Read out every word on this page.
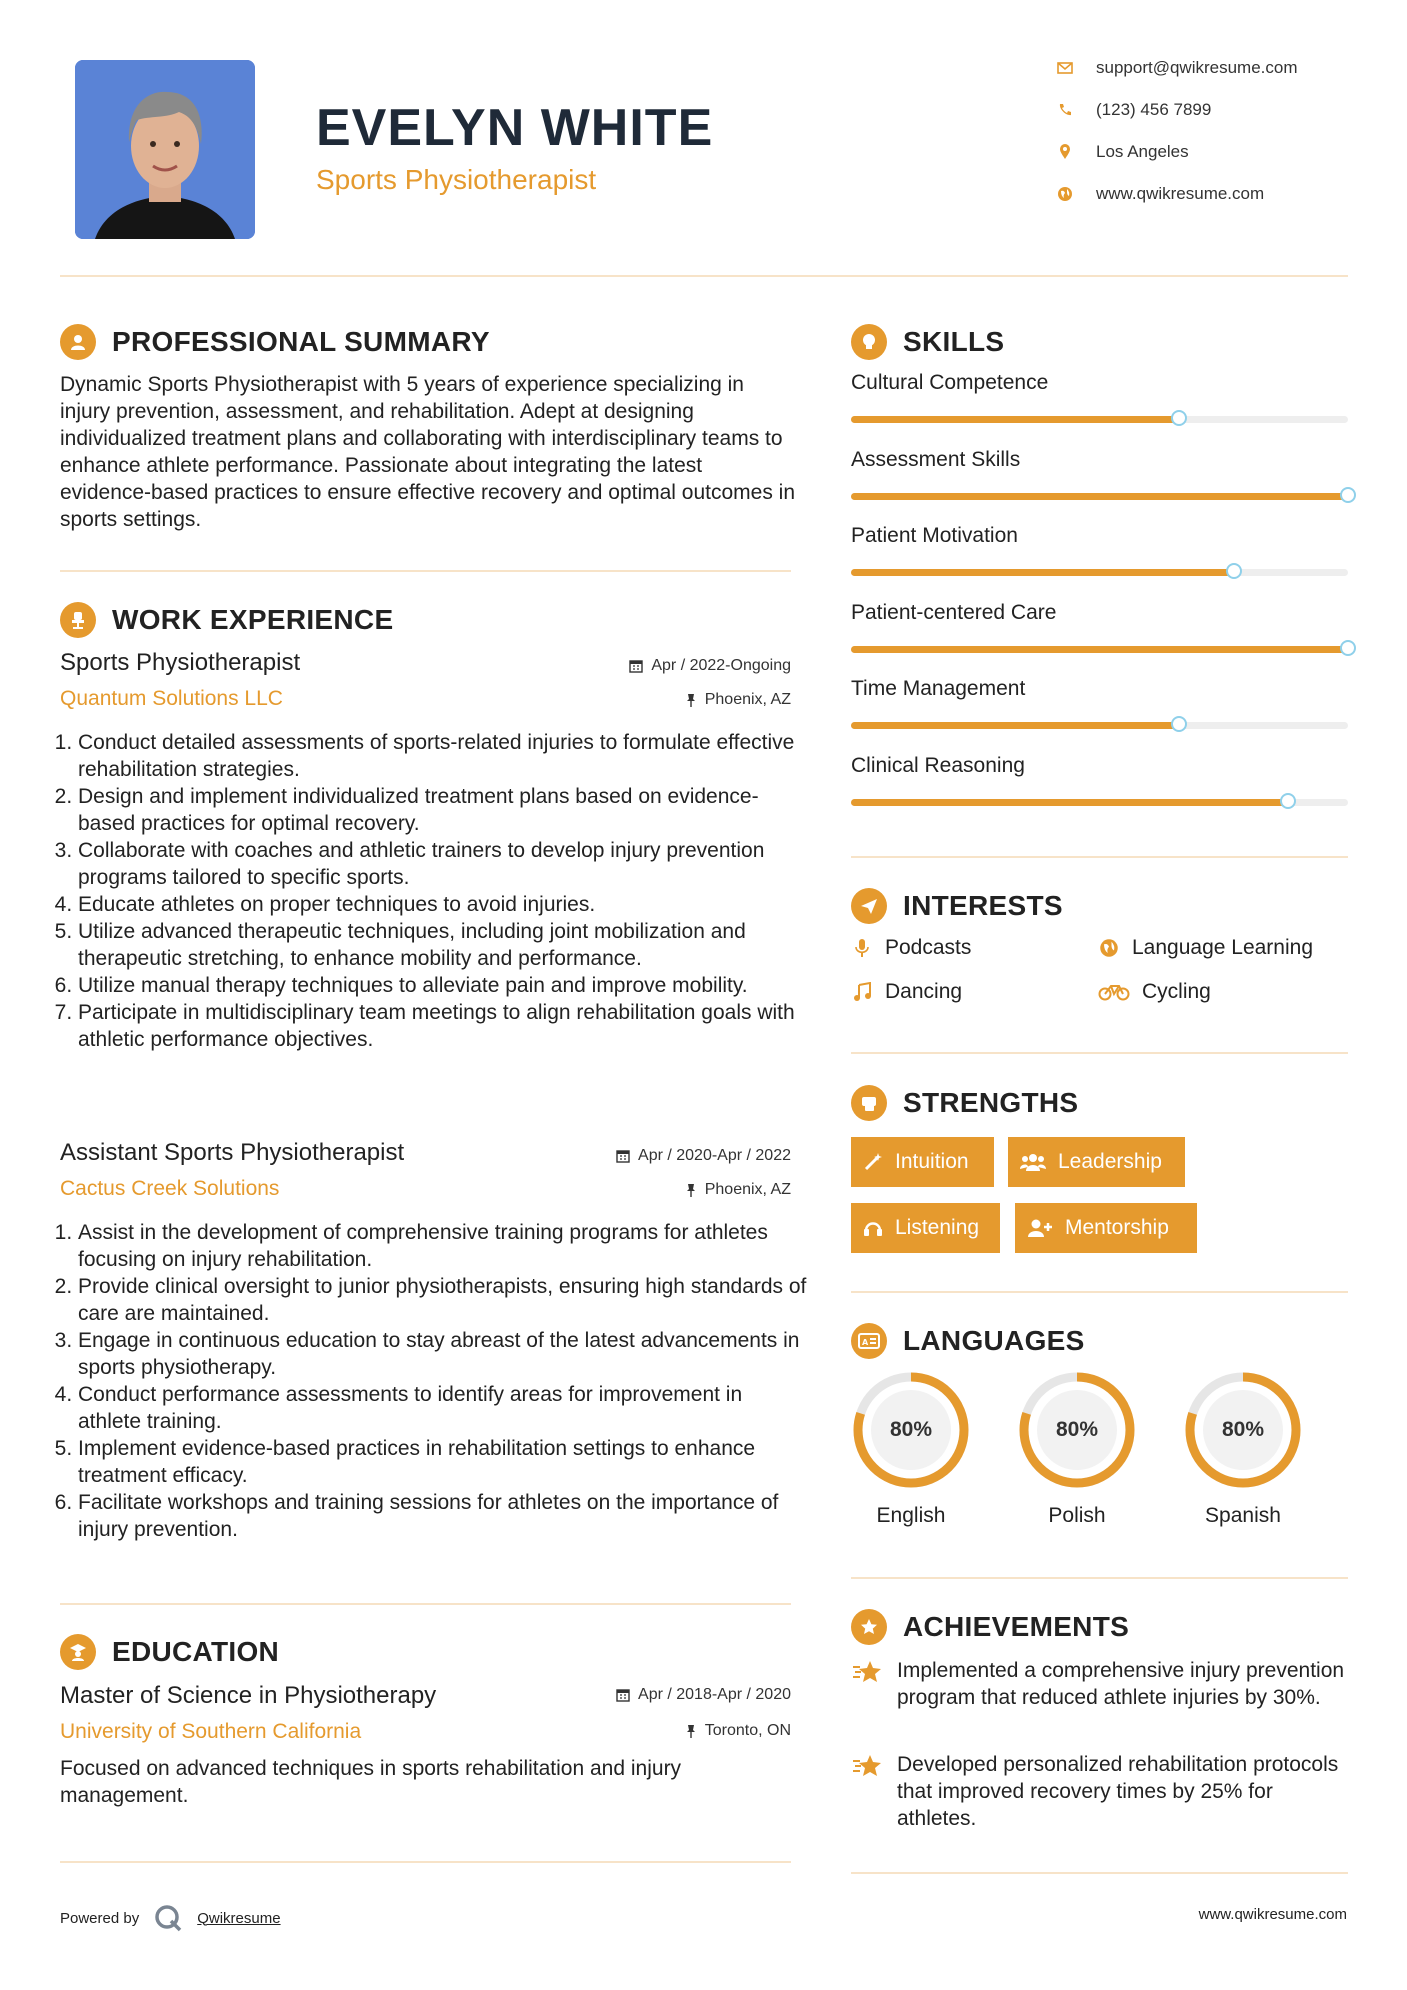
EVELYN WHITE
Sports Physiotherapist
support@qwikresume.com
(123) 456 7899
Los Angeles
www.qwikresume.com
PROFESSIONAL SUMMARY
Dynamic Sports Physiotherapist with 5 years of experience specializing in injury prevention, assessment, and rehabilitation. Adept at designing individualized treatment plans and collaborating with interdisciplinary teams to enhance athlete performance. Passionate about integrating the latest evidence-based practices to ensure effective recovery and optimal outcomes in sports settings.
WORK EXPERIENCE
Sports Physiotherapist	Apr / 2022-Ongoing
Quantum Solutions LLC	Phoenix, AZ
1. Conduct detailed assessments of sports-related injuries to formulate effective rehabilitation strategies.
2. Design and implement individualized treatment plans based on evidence-based practices for optimal recovery.
3. Collaborate with coaches and athletic trainers to develop injury prevention programs tailored to specific sports.
4. Educate athletes on proper techniques to avoid injuries.
5. Utilize advanced therapeutic techniques, including joint mobilization and therapeutic stretching, to enhance mobility and performance.
6. Utilize manual therapy techniques to alleviate pain and improve mobility.
7. Participate in multidisciplinary team meetings to align rehabilitation goals with athletic performance objectives.
Assistant Sports Physiotherapist	Apr / 2020-Apr / 2022
Cactus Creek Solutions	Phoenix, AZ
1. Assist in the development of comprehensive training programs for athletes focusing on injury rehabilitation.
2. Provide clinical oversight to junior physiotherapists, ensuring high standards of care are maintained.
3. Engage in continuous education to stay abreast of the latest advancements in sports physiotherapy.
4. Conduct performance assessments to identify areas for improvement in athlete training.
5. Implement evidence-based practices in rehabilitation settings to enhance treatment efficacy.
6. Facilitate workshops and training sessions for athletes on the importance of injury prevention.
EDUCATION
Master of Science in Physiotherapy	Apr / 2018-Apr / 2020
University of Southern California	Toronto, ON
Focused on advanced techniques in sports rehabilitation and injury management.
SKILLS
Cultural Competence
Assessment Skills
Patient Motivation
Patient-centered Care
Time Management
Clinical Reasoning
INTERESTS
Podcasts	Language Learning
Dancing	Cycling
STRENGTHS
Intuition	Leadership
Listening	Mentorship
A LANGUAGES
80%
English
80%
Polish
80%
Spanish
ACHIEVEMENTS
Implemented a comprehensive injury prevention program that reduced athlete injuries by 30%.
Developed personalized rehabilitation protocols that improved recovery times by 25% for athletes.
Powered by	Qwikresume	www.qwikresume.com
